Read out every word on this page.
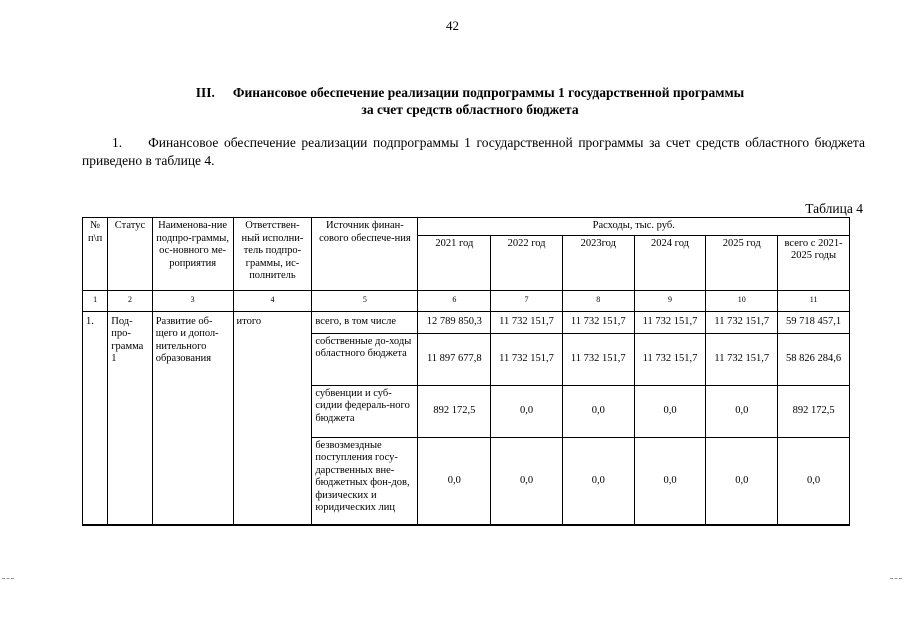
42
III. Финансовое обеспечение реализации подпрограммы 1 государственной программы
за счет средств областного бюджета
1. Финансовое обеспечение реализации подпрограммы 1 государственной программы за счет средств областного бюджета приведено в таблице 4.
Таблица 4
№ п\п	Статус	Наименова-ние подпро-граммы, ос-новного ме-роприятия	Ответствен-ный исполни-тель подпро-граммы, ис-полнитель	Источник финан-сового обеспече-ния	Расходы, тыс. руб.					
					2021 год	2022 год	2023год	2024 год	2025 год	всего с 2021- 2025 годы
1	2	3	4	5	6	7	8	9	10	11
1.	Под-про-грамма 1	Развитие об-щего и допол-нительного образования	итого	всего, в том числе	12 789 850,3	11 732 151,7	11 732 151,7	11 732 151,7	11 732 151,7	59 718 457,1
				собственные до-ходы областного бюджета	11 897 677,8	11 732 151,7	11 732 151,7	11 732 151,7	11 732 151,7	58 826 284,6
				субвенции и суб-сидии федераль-ного бюджета	892 172,5	0,0	0,0	0,0	0,0	892 172,5
				безвозмездные поступления госу-дарственных вне-бюджетных фон-дов, физических и юридических лиц	0,0	0,0	0,0	0,0	0,0	0,0
